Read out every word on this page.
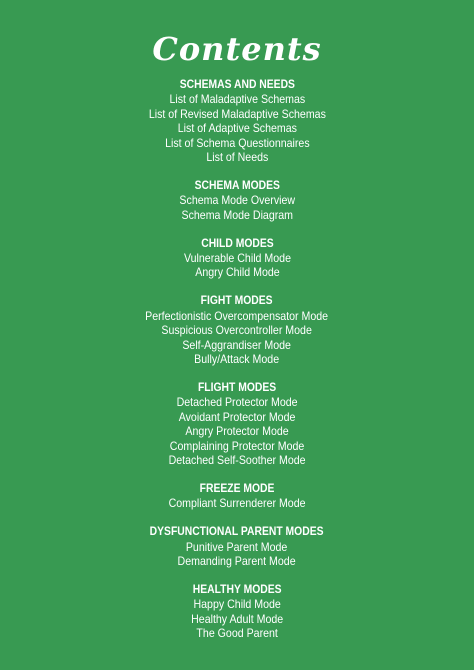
Contents
SCHEMAS AND NEEDS
List of Maladaptive Schemas
List of Revised Maladaptive Schemas
List of Adaptive Schemas
List of Schema Questionnaires
List of Needs
SCHEMA MODES
Schema Mode Overview
Schema Mode Diagram
CHILD MODES
Vulnerable Child Mode
Angry Child Mode
FIGHT MODES
Perfectionistic Overcompensator Mode
Suspicious Overcontroller Mode
Self-Aggrandiser Mode
Bully/Attack Mode
FLIGHT MODES
Detached Protector Mode
Avoidant Protector Mode
Angry Protector Mode
Complaining Protector Mode
Detached Self-Soother Mode
FREEZE MODE
Compliant Surrenderer Mode
DYSFUNCTIONAL PARENT MODES
Punitive Parent Mode
Demanding Parent Mode
HEALTHY MODES
Happy Child Mode
Healthy Adult Mode
The Good Parent
